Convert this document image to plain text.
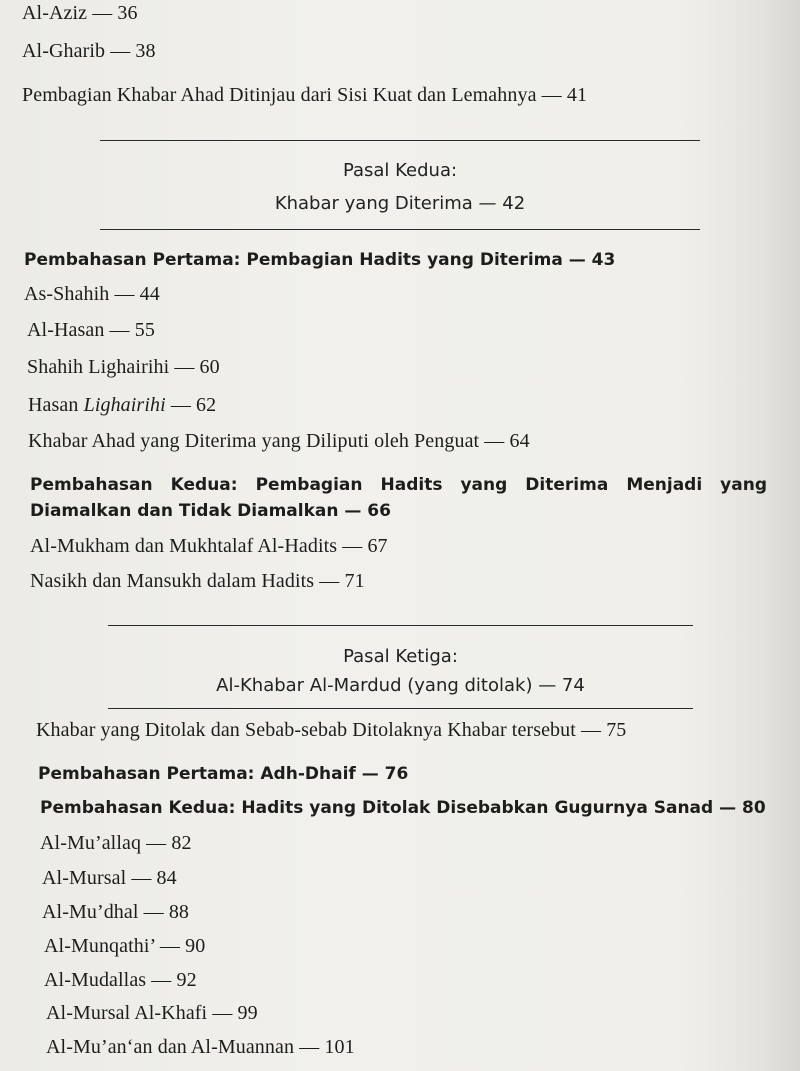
Al-Aziz — 36
Al-Gharib — 38
Pembagian Khabar Ahad Ditinjau dari Sisi Kuat dan Lemahnya — 41
Pasal Kedua:
Khabar yang Diterima — 42
Pembahasan Pertama: Pembagian Hadits yang Diterima — 43
As-Shahih — 44
Al-Hasan — 55
Shahih Lighairihi — 60
Hasan Lighairihi — 62
Khabar Ahad yang Diterima yang Diliputi oleh Penguat — 64
Pembahasan Kedua: Pembagian Hadits yang Diterima Menjadi yang
Diamalkan dan Tidak Diamalkan — 66
Al-Mukham dan Mukhtalaf Al-Hadits — 67
Nasikh dan Mansukh dalam Hadits — 71
Pasal Ketiga:
Al-Khabar Al-Mardud (yang ditolak) — 74
Khabar yang Ditolak dan Sebab-sebab Ditolaknya Khabar tersebut — 75
Pembahasan Pertama: Adh-Dhaif — 76
Pembahasan Kedua: Hadits yang Ditolak Disebabkan Gugurnya Sanad — 80
Al-Mu’allaq — 82
Al-Mursal — 84
Al-Mu’dhal — 88
Al-Munqathi’ — 90
Al-Mudallas — 92
Al-Mursal Al-Khafi — 99
Al-Mu’an‘an dan Al-Muannan — 101
